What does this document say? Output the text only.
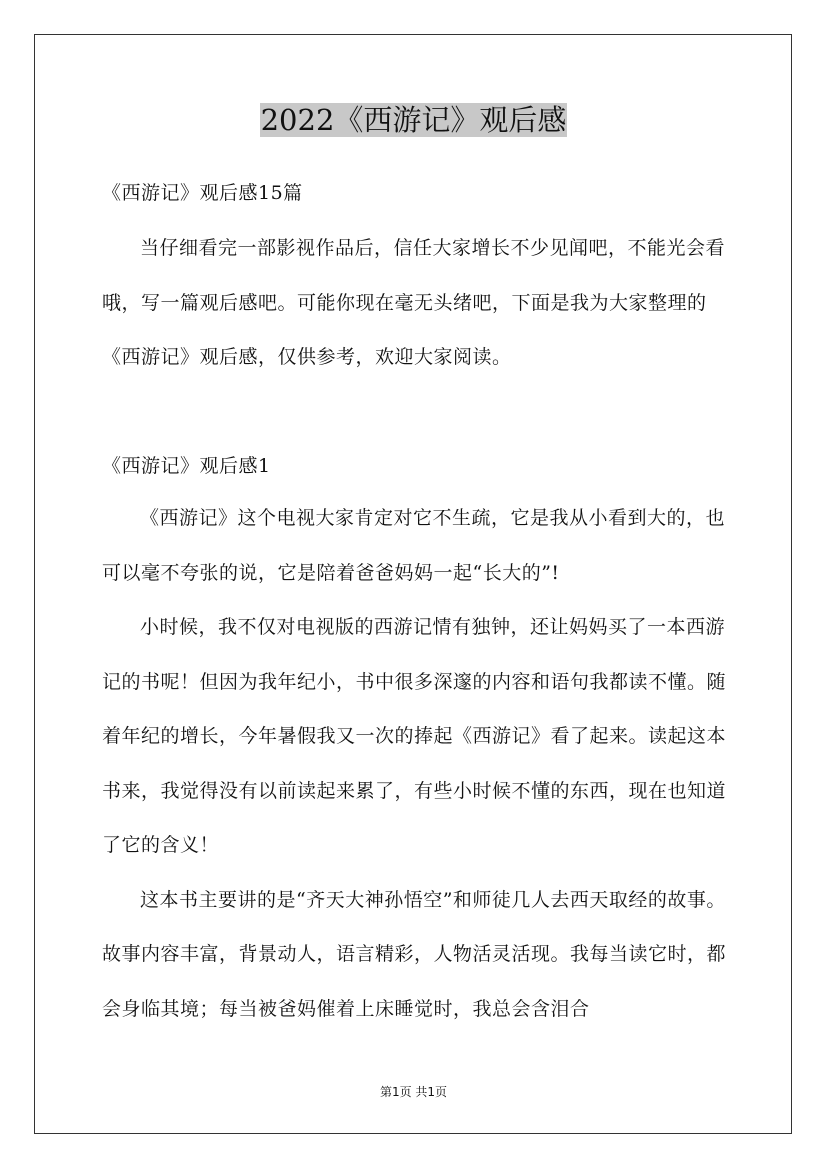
2022《西游记》观后感
《西游记》观后感15篇

当仔细看完一部影视作品后，信任大家增长不少见闻吧，不能光会看哦，写一篇观后感吧。可能你现在毫无头绪吧，下面是我为大家整理的《西游记》观后感，仅供参考，欢迎大家阅读。

《西游记》观后感1

《西游记》这个电视大家肯定对它不生疏，它是我从小看到大的，也可以毫不夸张的说，它是陪着爸爸妈妈一起“长大的”!

小时候，我不仅对电视版的西游记情有独钟，还让妈妈买了一本西游记的书呢！但因为我年纪小，书中很多深邃的内容和语句我都读不懂。随着年纪的增长，今年暑假我又一次的捧起《西游记》看了起来。读起这本书来，我觉得没有以前读起来累了，有些小时候不懂的东西，现在也知道了它的含义！

这本书主要讲的是“齐天大神孙悟空”和师徒几人去西天取经的故事。故事内容丰富，背景动人，语言精彩，人物活灵活现。我每当读它时，都会身临其境；每当被爸妈催着上床睡觉时，我总会含泪合

第1页 共1页
